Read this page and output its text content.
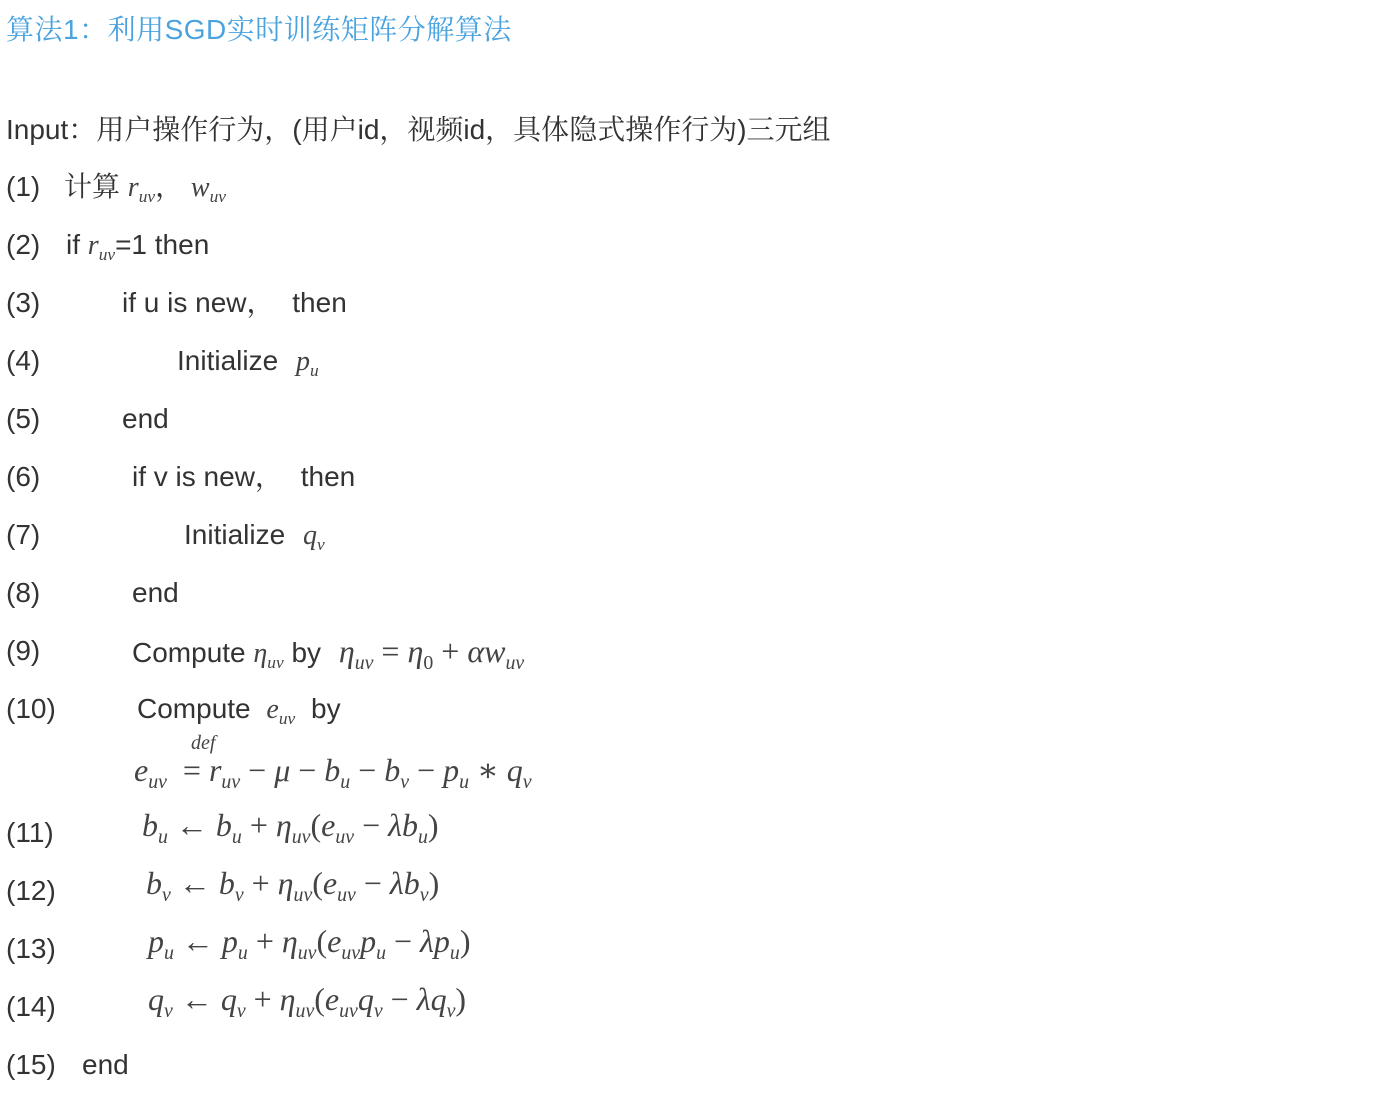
算法1：利用SGD实时训练矩阵分解算法
Input：用户操作行为，(用户id，视频id，具体隐式操作行为)三元组
(1) 计算 $r_{uv}$， $w_{uv}$
(2) if $r_{uv}=1$ then
(3)	if u is new， then
(4)	Initialize $p_u$
(5)	end
(6)	if v is new， then
(7)	Initialize $q_v$
(8)	end
(9)	Compute $\eta_{uv}$ by $\eta_{uv} = \eta_0 + \alpha w_{uv}$
(10)	Compute $e_{uv}$ by
def
$e_{uv} = r_{uv} - \mu - b_u - b_v - p_u$ ∗ $q_v$
(11)	$b_u$ ← $b_u + \eta_{uv}(e_{uv} - \lambda b_u)$
(12)	$b_v$ ← $b_v + \eta_{uv}(e_{uv} - \lambda b_v)$
(13)	$p_u$ ← $p_u + \eta_{uv}(e_{uv}p_u - \lambda p_u)$
(14)	$q_v$ ← $q_v + \eta_{uv}(e_{uv}q_v - \lambda q_v)$
(15) end
